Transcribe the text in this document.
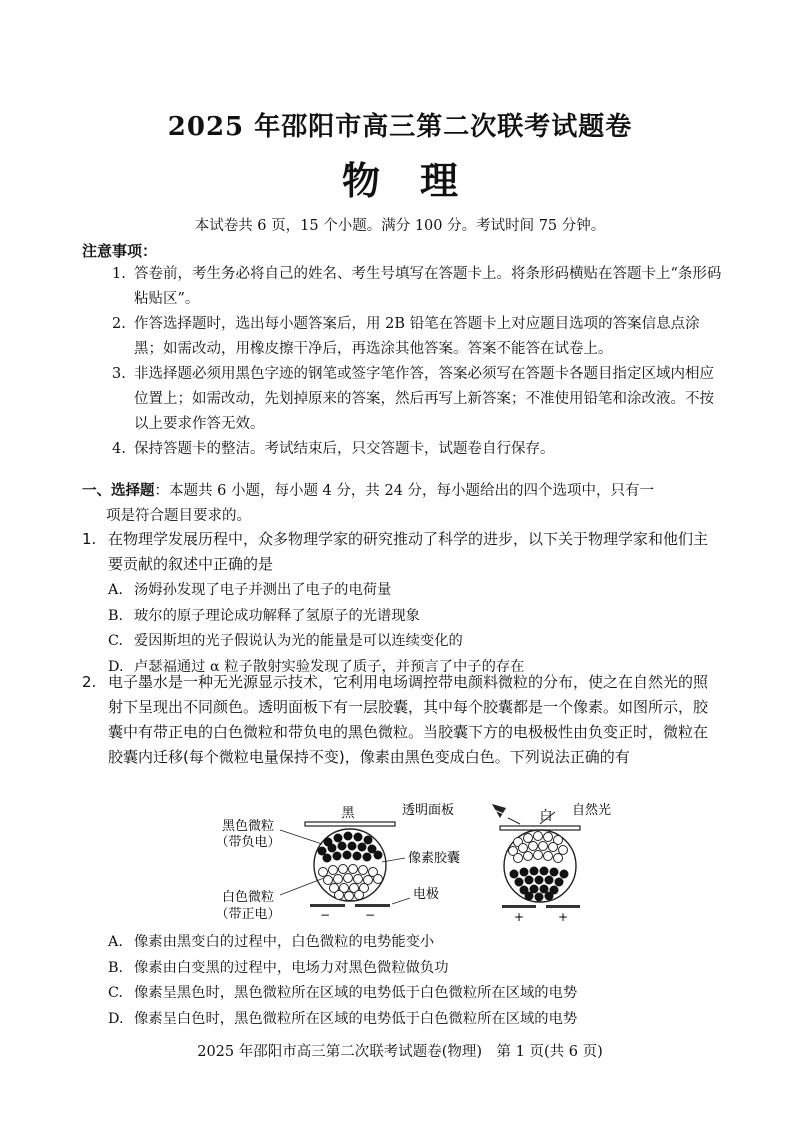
2025 年邵阳市高三第二次联考试题卷
物理
本试卷共 6 页，15 个小题。满分 100 分。考试时间 75 分钟。
注意事项：
1. 答卷前，考生务必将自己的姓名、考生号填写在答题卡上。将条形码横贴在答题卡上“条形码粘贴区”。
2. 作答选择题时，选出每小题答案后，用 2B 铅笔在答题卡上对应题目选项的答案信息点涂黑；如需改动，用橡皮擦干净后，再选涂其他答案。答案不能答在试卷上。
3. 非选择题必须用黑色字迹的钢笔或签字笔作答，答案必须写在答题卡各题目指定区域内相应位置上；如需改动，先划掉原来的答案，然后再写上新答案；不准使用铅笔和涂改液。不按以上要求作答无效。
4. 保持答题卡的整洁。考试结束后，只交答题卡，试题卷自行保存。
一、选择题：本题共 6 小题，每小题 4 分，共 24 分，每小题给出的四个选项中，只有一
项是符合题目要求的。
1. 在物理学发展历程中，众多物理学家的研究推动了科学的进步，以下关于物理学家和他们主要贡献的叙述中正确的是
A. 汤姆孙发现了电子并测出了电子的电荷量
B. 玻尔的原子理论成功解释了氢原子的光谱现象
C. 爱因斯坦的光子假说认为光的能量是可以连续变化的
D. 卢瑟福通过 α 粒子散射实验发现了质子，并预言了中子的存在
2. 电子墨水是一种无光源显示技术，它利用电场调控带电颜料微粒的分布，使之在自然光的照射下呈现出不同颜色。透明面板下有一层胶囊，其中每个胶囊都是一个像素。如图所示，胶囊中有带正电的白色微粒和带负电的黑色微粒。当胶囊下方的电极极性由负变正时，微粒在胶囊内迁移(每个微粒电量保持不变)，像素由黑色变成白色。下列说法正确的有
−	−
黑色微粒
（带负电）
白色微粒
（带正电）
黑	透明面板
像素胶囊
电极
+	+
白 自然光
A. 像素由黑变白的过程中，白色微粒的电势能变小
B. 像素由白变黑的过程中，电场力对黑色微粒做负功
C. 像素呈黑色时，黑色微粒所在区域的电势低于白色微粒所在区域的电势
D. 像素呈白色时，黑色微粒所在区域的电势低于白色微粒所在区域的电势
2025 年邵阳市高三第二次联考试题卷(物理)　第 1 页(共 6 页)
